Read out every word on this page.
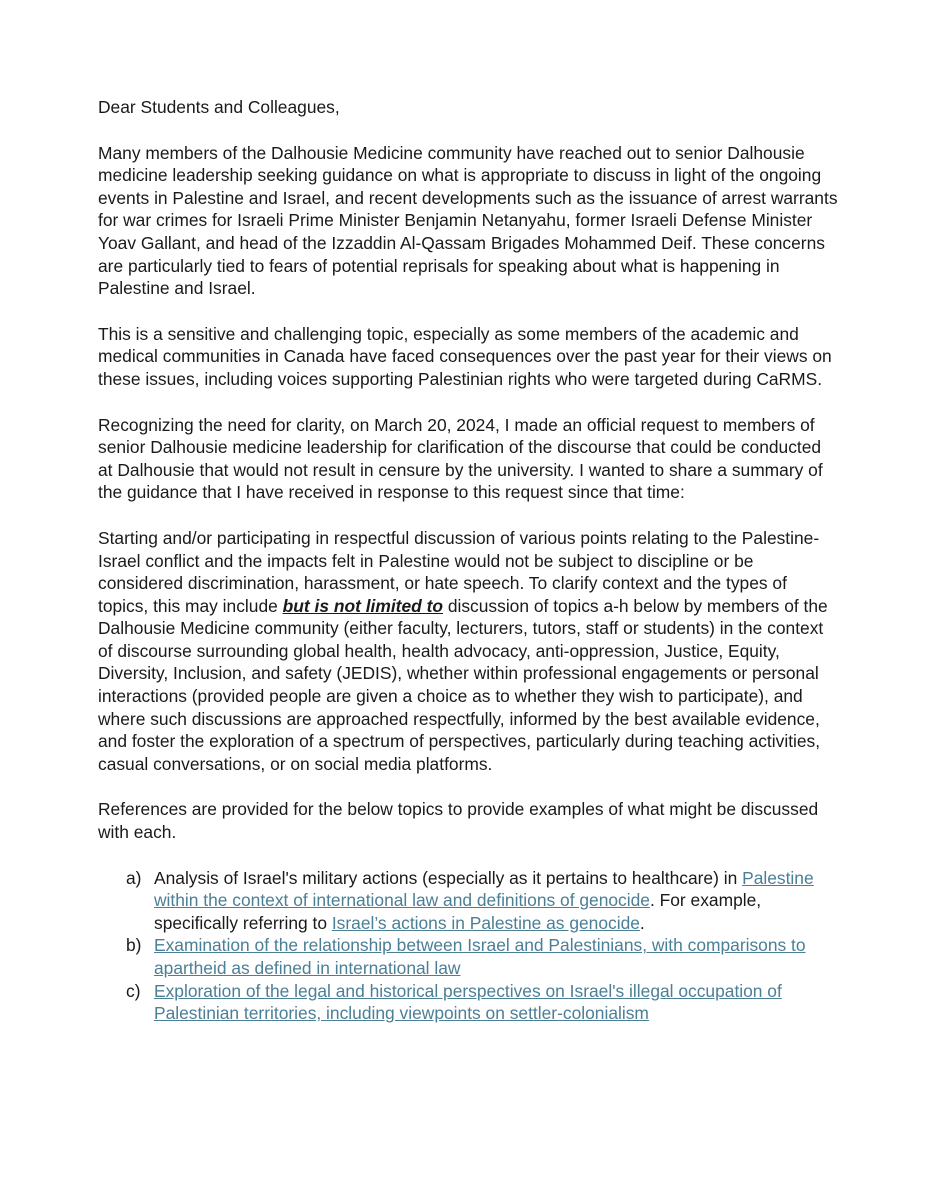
Dear Students and Colleagues,

Many members of the Dalhousie Medicine community have reached out to senior Dalhousie medicine leadership seeking guidance on what is appropriate to discuss in light of the ongoing events in Palestine and Israel, and recent developments such as the issuance of arrest warrants for war crimes for Israeli Prime Minister Benjamin Netanyahu, former Israeli Defense Minister Yoav Gallant, and head of the Izzaddin Al-Qassam Brigades Mohammed Deif. These concerns are particularly tied to fears of potential reprisals for speaking about what is happening in Palestine and Israel.

This is a sensitive and challenging topic, especially as some members of the academic and medical communities in Canada have faced consequences over the past year for their views on these issues, including voices supporting Palestinian rights who were targeted during CaRMS.

Recognizing the need for clarity, on March 20, 2024, I made an official request to members of senior Dalhousie medicine leadership for clarification of the discourse that could be conducted at Dalhousie that would not result in censure by the university. I wanted to share a summary of the guidance that I have received in response to this request since that time:

Starting and/or participating in respectful discussion of various points relating to the Palestine-Israel conflict and the impacts felt in Palestine would not be subject to discipline or be considered discrimination, harassment, or hate speech. To clarify context and the types of topics, this may include but is not limited to discussion of topics a-h below by members of the Dalhousie Medicine community (either faculty, lecturers, tutors, staff or students) in the context of discourse surrounding global health, health advocacy, anti-oppression, Justice, Equity, Diversity, Inclusion, and safety (JEDIS), whether within professional engagements or personal interactions (provided people are given a choice as to whether they wish to participate), and where such discussions are approached respectfully, informed by the best available evidence, and foster the exploration of a spectrum of perspectives, particularly during teaching activities, casual conversations, or on social media platforms.

References are provided for the below topics to provide examples of what might be discussed with each.

a) Analysis of Israel's military actions (especially as it pertains to healthcare) in Palestine within the context of international law and definitions of genocide. For example, specifically referring to Israel’s actions in Palestine as genocide.
b) Examination of the relationship between Israel and Palestinians, with comparisons to apartheid as defined in international law
c) Exploration of the legal and historical perspectives on Israel's illegal occupation of Palestinian territories, including viewpoints on settler-colonialism
